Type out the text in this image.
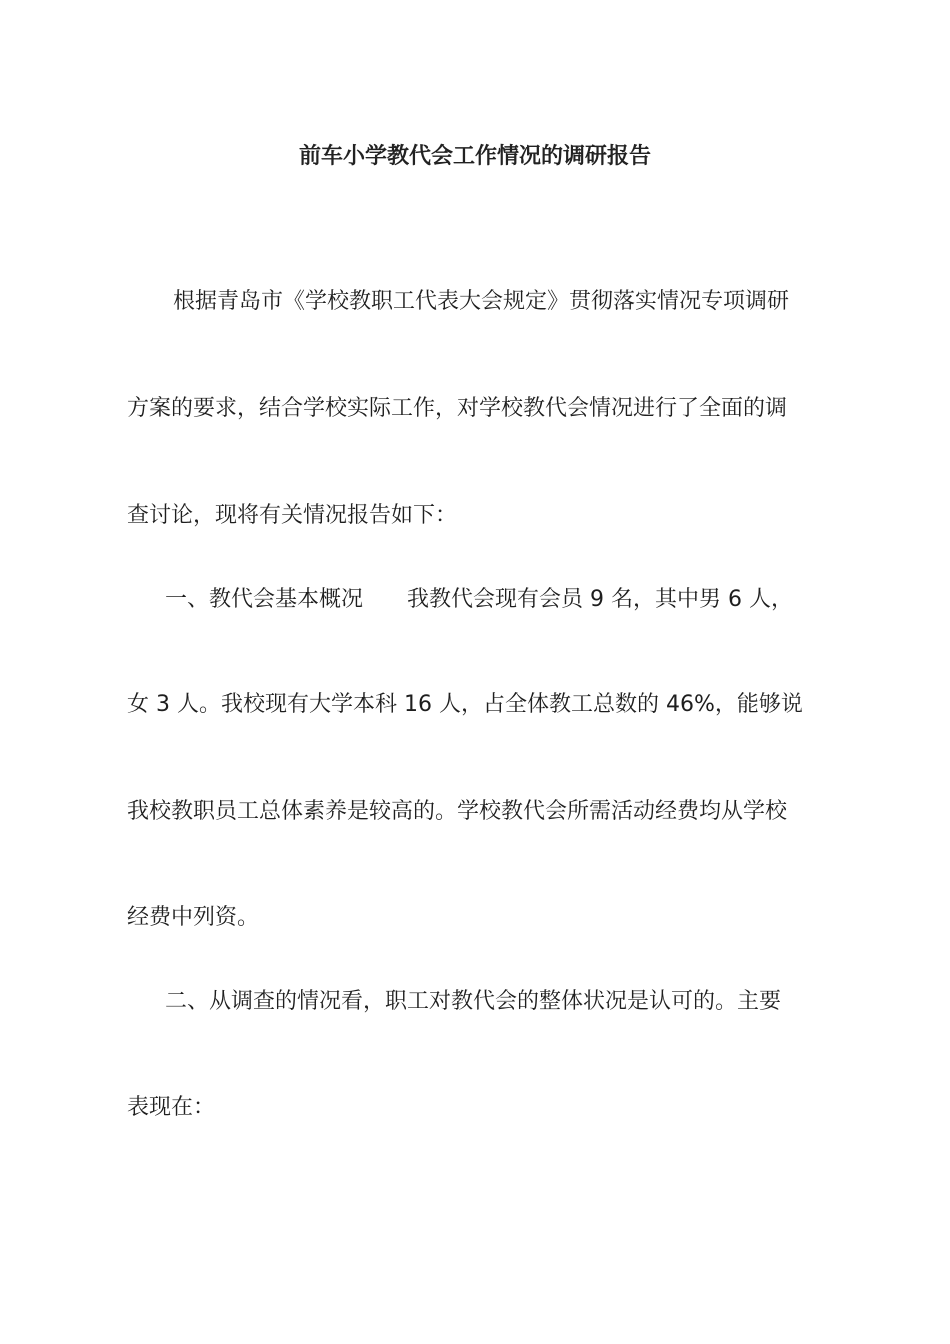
前车小学教代会工作情况的调研报告
根据青岛市《学校教职工代表大会规定》贯彻落实情况专项调研
方案的要求，结合学校实际工作，对学校教代会情况进行了全面的调
查讨论，现将有关情况报告如下：
一、教代会基本概况　　我教代会现有会员 9 名，其中男 6 人，
女 3 人。我校现有大学本科 16 人，占全体教工总数的 46%，能够说
我校教职员工总体素养是较高的。学校教代会所需活动经费均从学校
经费中列资。
二、从调查的情况看，职工对教代会的整体状况是认可的。主要
表现在：
